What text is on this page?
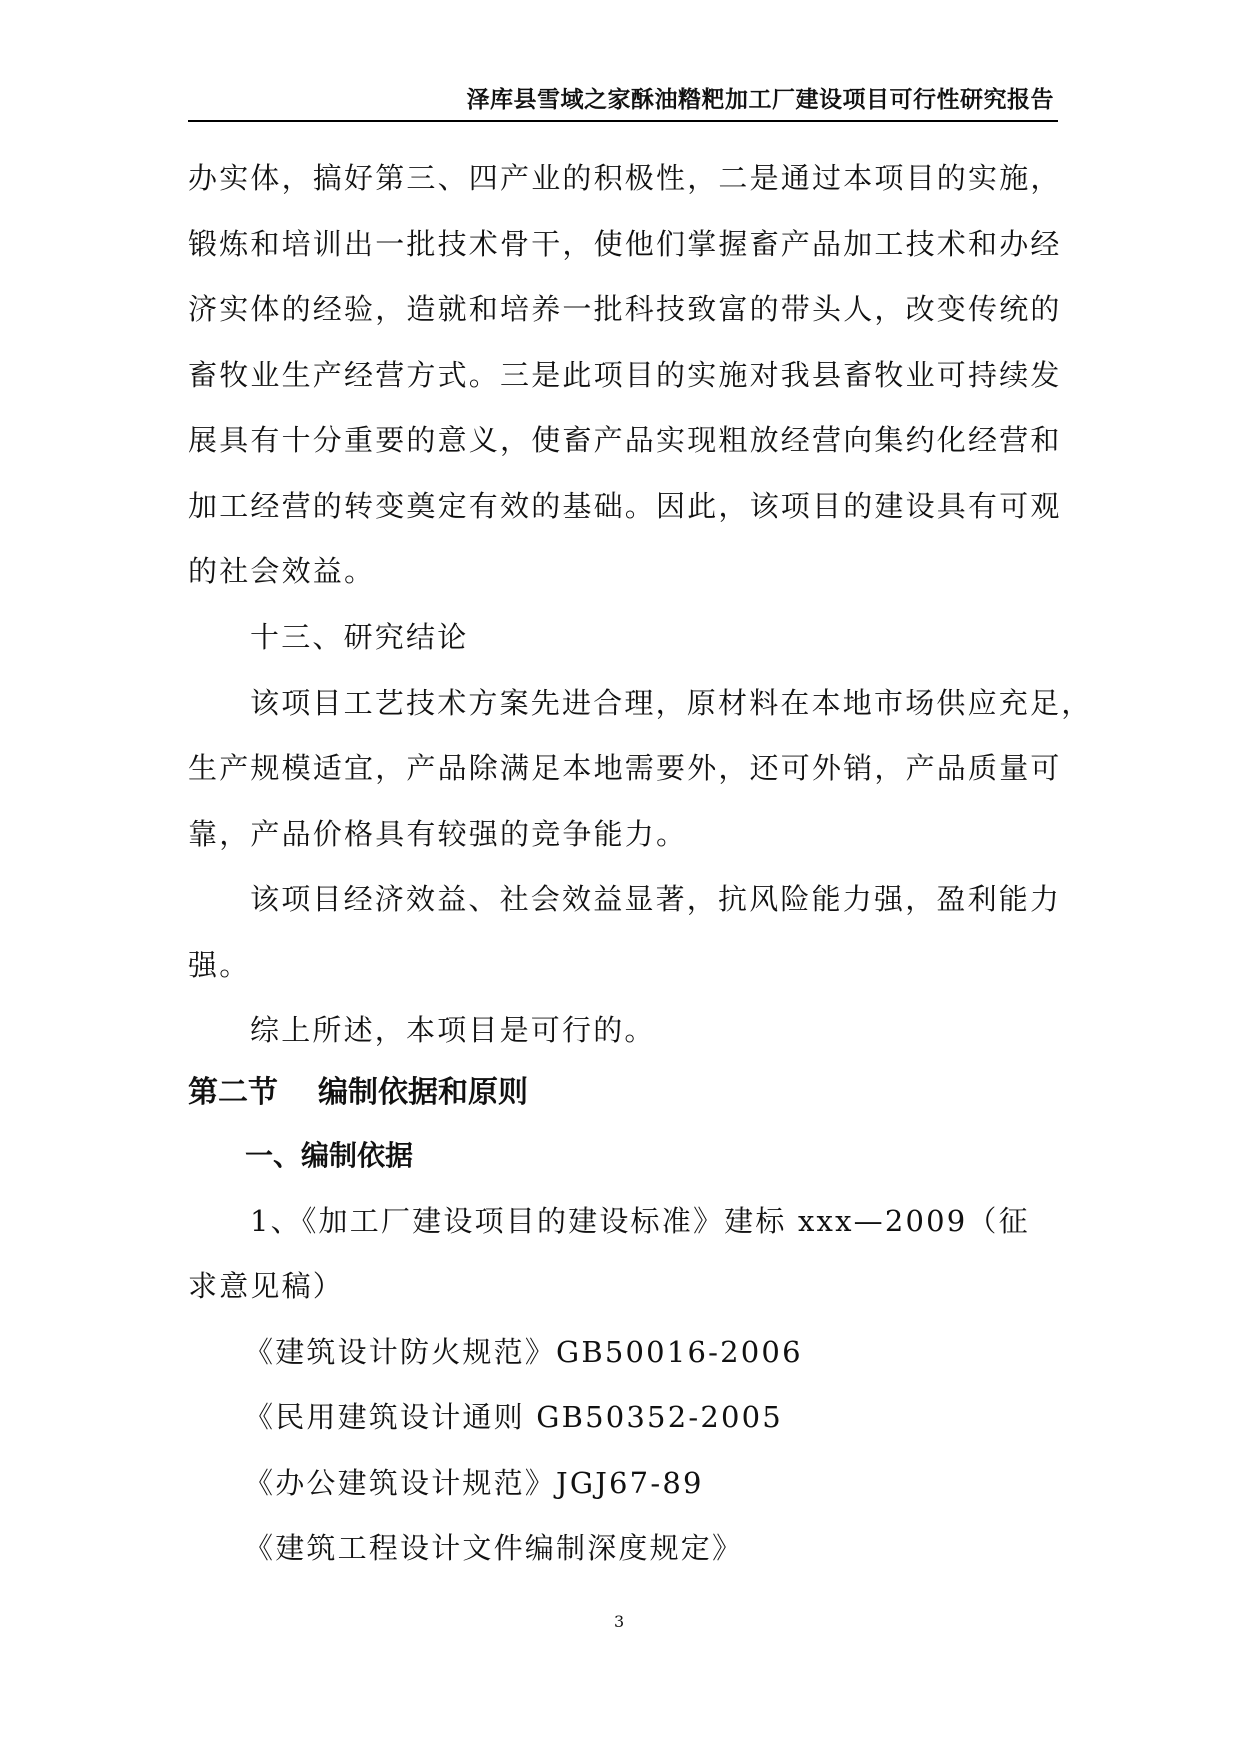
泽库县雪域之家酥油糌粑加工厂建设项目可行性研究报告
办实体，搞好第三、四产业的积极性，二是通过本项目的实施，
锻炼和培训出一批技术骨干，使他们掌握畜产品加工技术和办经
济实体的经验，造就和培养一批科技致富的带头人，改变传统的
畜牧业生产经营方式。三是此项目的实施对我县畜牧业可持续发
展具有十分重要的意义，使畜产品实现粗放经营向集约化经营和
加工经营的转变奠定有效的基础。因此，该项目的建设具有可观
的社会效益。
十三、研究结论
该项目工艺技术方案先进合理，原材料在本地市场供应充足，
生产规模适宜，产品除满足本地需要外，还可外销，产品质量可
靠，产品价格具有较强的竞争能力。
该项目经济效益、社会效益显著，抗风险能力强，盈利能力
强。
综上所述，本项目是可行的。
第二节 编制依据和原则
一、编制依据
1、《加工厂建设项目的建设标准》建标 xxx—2009（征
求意见稿）
《建筑设计防火规范》GB50016-2006
《民用建筑设计通则 GB50352-2005
《办公建筑设计规范》JGJ67-89
《建筑工程设计文件编制深度规定》
3
